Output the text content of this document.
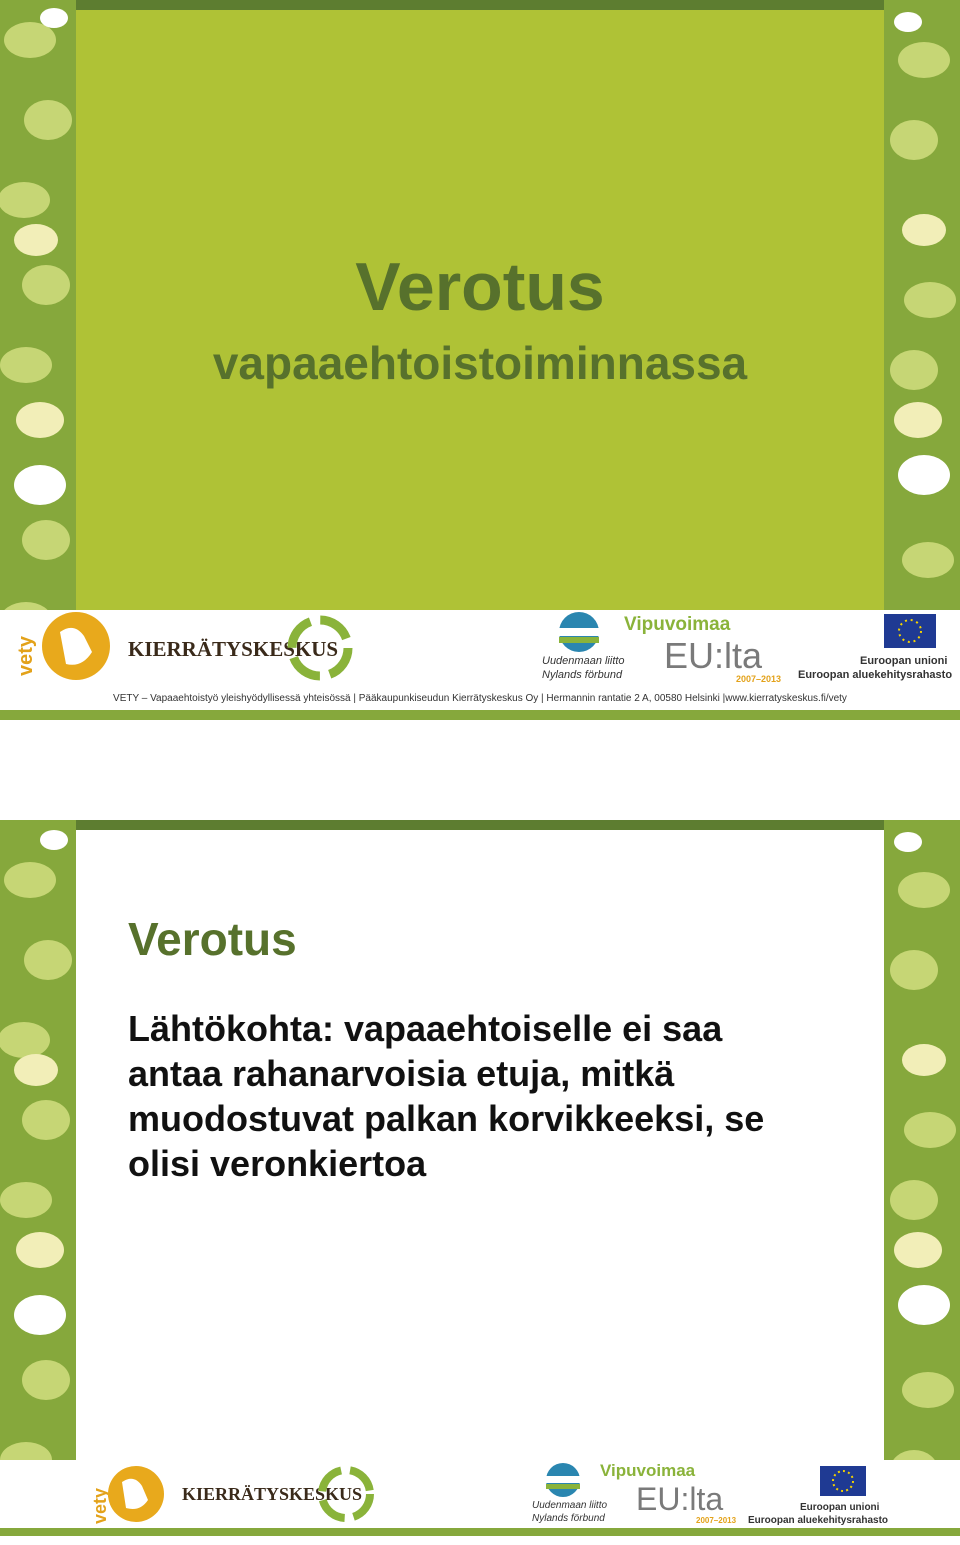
Verotus
vapaaehtoistoiminnassa
vety	KIERRÄTYSKESKUS	Uudenmaan liitto
Nylands förbund
Vipuvoimaa
EU:lta
2007–2013
Euroopan unioni
Euroopan aluekehitysrahasto
VETY – Vapaaehtoistyö yleishyödyllisessä yhteisössä | Pääkaupunkiseudun Kierrätyskeskus Oy | Hermannin rantatie 2 A, 00580 Helsinki |www.kierratyskeskus.fi/vety
Verotus
Lähtökohta: vapaaehtoiselle ei saa antaa rahanarvoisia etuja, mitkä muodostuvat palkan korvikkeeksi, se olisi veronkiertoa
vety	KIERRÄTYSKESKUS
Uudenmaan liitto
Nylands förbund
Vipuvoimaa
EU:lta
2007–2013
Euroopan unioni
Euroopan aluekehitysrahasto
